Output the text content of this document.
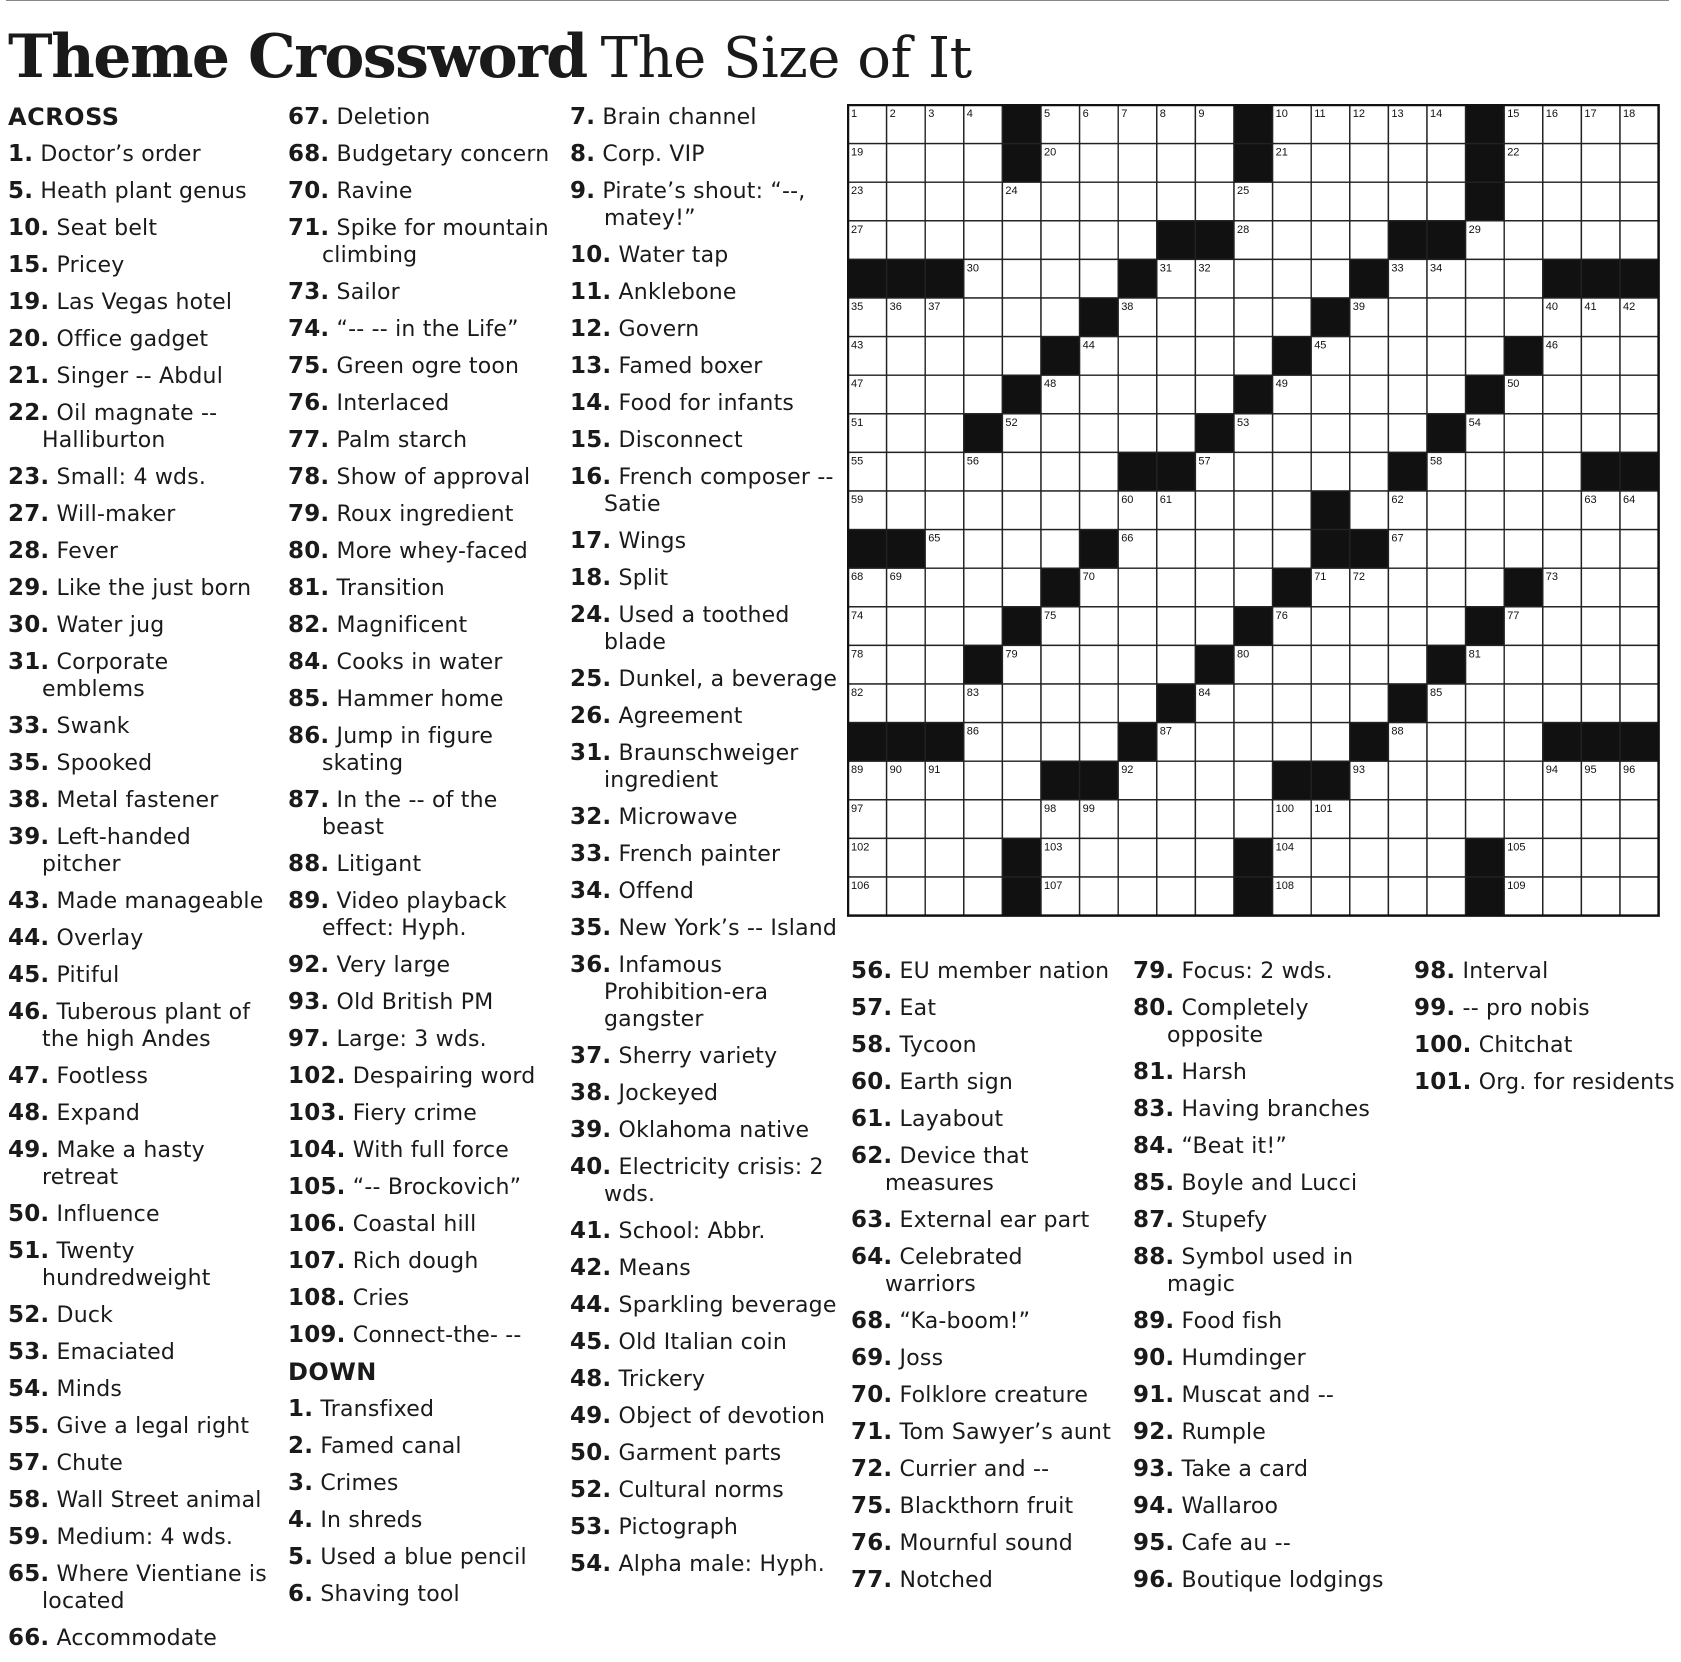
Theme Crossword The Size of It
ACROSS
1. Doctor’s order
5. Heath plant genus
10. Seat belt
15. Pricey
19. Las Vegas hotel
20. Office gadget
21. Singer -- Abdul
22. Oil magnate -- Halliburton
23. Small: 4 wds.
27. Will-maker
28. Fever
29. Like the just born
30. Water jug
31. Corporate emblems
33. Swank
35. Spooked
38. Metal fastener
39. Left-handed pitcher
43. Made manageable
44. Overlay
45. Pitiful
46. Tuberous plant of the high Andes
47. Footless
48. Expand
49. Make a hasty retreat
50. Influence
51. Twenty hundredweight
52. Duck
53. Emaciated
54. Minds
55. Give a legal right
57. Chute
58. Wall Street animal
59. Medium: 4 wds.
65. Where Vientiane is located
66. Accommodate
67. Deletion
68. Budgetary concern
70. Ravine
71. Spike for mountain climbing
73. Sailor
74. “-- -- in the Life”
75. Green ogre toon
76. Interlaced
77. Palm starch
78. Show of approval
79. Roux ingredient
80. More whey-faced
81. Transition
82. Magnificent
84. Cooks in water
85. Hammer home
86. Jump in figure skating
87. In the -- of the beast
88. Litigant
89. Video playback effect: Hyph.
92. Very large
93. Old British PM
97. Large: 3 wds.
102. Despairing word
103. Fiery crime
104. With full force
105. “-- Brockovich”
106. Coastal hill
107. Rich dough
108. Cries
109. Connect-the- --
DOWN
1. Transfixed
2. Famed canal
3. Crimes
4. In shreds
5. Used a blue pencil
6. Shaving tool
7. Brain channel
8. Corp. VIP
9. Pirate’s shout: “--, matey!”
10. Water tap
11. Anklebone
12. Govern
13. Famed boxer
14. Food for infants
15. Disconnect
16. French composer -- Satie
17. Wings
18. Split
24. Used a toothed blade
25. Dunkel, a beverage
26. Agreement
31. Braunschweiger ingredient
32. Microwave
33. French painter
34. Offend
35. New York’s -- Island
36. Infamous Prohibition-era gangster
37. Sherry variety
38. Jockeyed
39. Oklahoma native
40. Electricity crisis: 2 wds.
41. School: Abbr.
42. Means
44. Sparkling beverage
45. Old Italian coin
48. Trickery
49. Object of devotion
50. Garment parts
52. Cultural norms
53. Pictograph
54. Alpha male: Hyph.
56. EU member nation
57. Eat
58. Tycoon
60. Earth sign
61. Layabout
62. Device that measures
63. External ear part
64. Celebrated warriors
68. “Ka-boom!”
69. Joss
70. Folklore creature
71. Tom Sawyer’s aunt
72. Currier and --
75. Blackthorn fruit
76. Mournful sound
77. Notched
79. Focus: 2 wds.
80. Completely opposite
81. Harsh
83. Having branches
84. “Beat it!”
85. Boyle and Lucci
87. Stupefy
88. Symbol used in magic
89. Food fish
90. Humdinger
91. Muscat and --
92. Rumple
93. Take a card
94. Wallaroo
95. Cafe au --
96. Boutique lodgings
98. Interval
99. -- pro nobis
100. Chitchat
101. Org. for residents
1	2	3	4	5	6	7	8	9	10 11 12 13 14	15 16 17 18
19	20	21	22
23	24	25	26
27	28	29
30	31 32	33 34
35 36 37	38	39	40 41 42
43	44	45	46
47	48	49	50
51	52	53	54
55	56	57	58
59	60 61	62	63 64
65	66	67
68 69	70	71 72	73
74	75	76	77
78	79	80	81
82	83	84	85
86	87	88
89 90 91	92	93	94 95 96
97	98 99	100 101
102	103	104	105
106	107	108	109
